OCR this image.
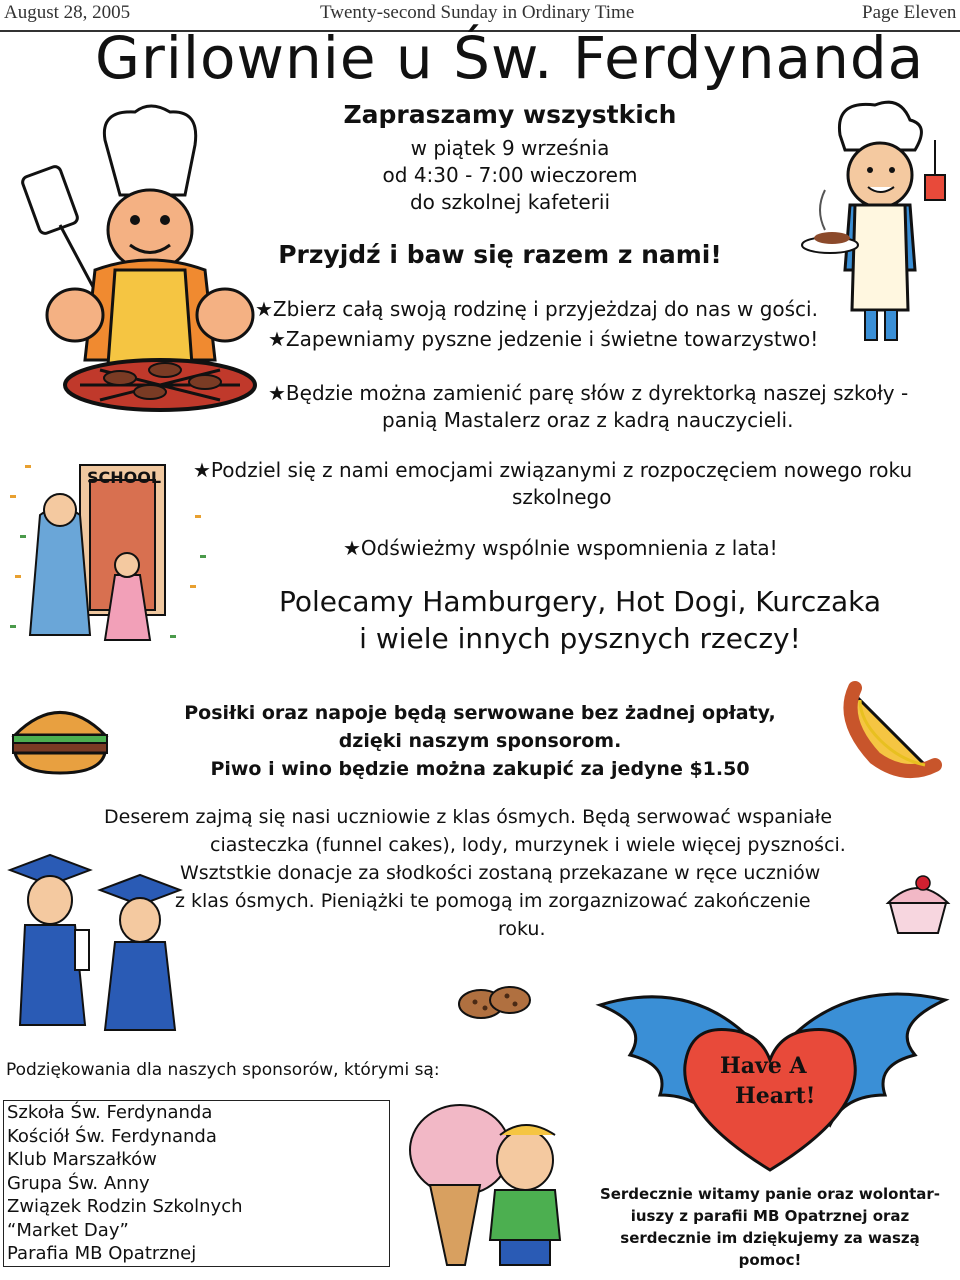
August 28, 2005	Twenty-second Sunday in Ordinary Time	Page Eleven
Grilownie u Św. Ferdynanda
Zapraszamy wszystkich
w piątek 9 września
od 4:30 - 7:00 wieczorem
do szkolnej kafeterii
Przyjdź i baw się razem z nami!
★Zbierz całą swoją rodzinę i przyjeżdzaj do nas w gości.
★Zapewniamy pyszne jedzenie i świetne towarzystwo!
★Będzie można zamienić parę słów z dyrektorką naszej szkoły -
panią Mastalerz oraz z kadrą nauczycieli.
★Podziel się z nami emocjami związanymi z rozpoczęciem nowego roku
szkolnego
★Odświeżmy wspólnie wspomnienia z lata!
Polecamy Hamburgery, Hot Dogi, Kurczaka
i wiele innych pysznych rzeczy!
Posiłki oraz napoje będą serwowane bez żadnej opłaty,
dzięki naszym sponsorom.
Piwo i wino będzie można zakupić za jedyne $1.50
Deserem zajmą się nasi uczniowie z klas ósmych. Będą serwować wspaniałe
ciasteczka (funnel cakes), lody, murzynek i wiele więcej pyszności.
Wsztstkie donacje za słodkości zostaną przekazane w ręce uczniów
z klas ósmych. Pieniążki te pomogą im zorgaznizować zakończenie
roku.
Podziękowania dla naszych sponsorów, którymi są:
Szkoła Św. Ferdynanda
Kościół Św. Ferdynanda
Klub Marszałków
Grupa Św. Anny
Związek Rodzin Szkolnych
“Market Day”
Parafia MB Opatrznej
Serdecznie witamy panie oraz wolontar-
iuszy z parafii MB Opatrznej oraz
serdecznie im dziękujemy za waszą
pomoc!
SCHOOL
Have A
Heart!
